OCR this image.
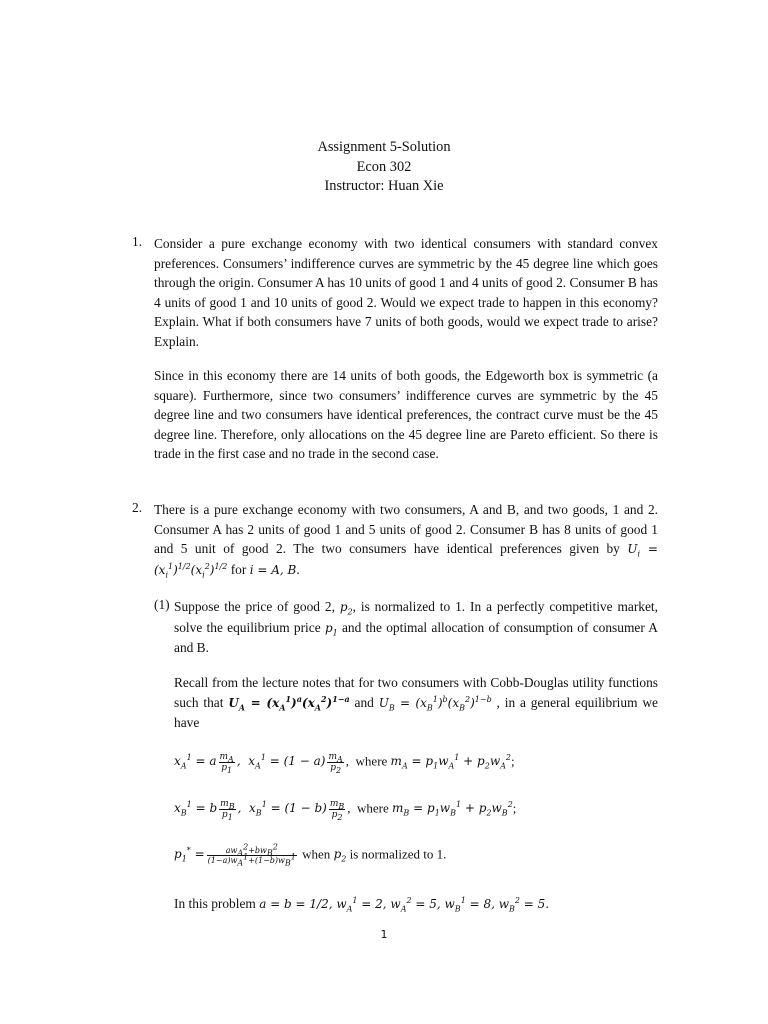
Assignment 5-Solution
Econ 302
Instructor: Huan Xie
1. Consider a pure exchange economy with two identical consumers with standard convex preferences. Consumers’ indifference curves are symmetric by the 45 degree line which goes through the origin. Consumer A has 10 units of good 1 and 4 units of good 2. Consumer B has 4 units of good 1 and 10 units of good 2. Would we expect trade to happen in this economy? Explain. What if both consumers have 7 units of both goods, would we expect trade to arise? Explain.
Since in this economy there are 14 units of both goods, the Edgeworth box is symmetric (a square). Furthermore, since two consumers’ indifference curves are symmetric by the 45 degree line and two consumers have identical preferences, the contract curve must be the 45 degree line. Therefore, only allocations on the 45 degree line are Pareto efficient. So there is trade in the first case and no trade in the second case.
2. There is a pure exchange economy with two consumers, A and B, and two goods, 1 and 2. Consumer A has 2 units of good 1 and 5 units of good 2. Consumer B has 8 units of good 1 and 5 unit of good 2. The two consumers have identical preferences given by $U_i = (x_i^1)^{1/2}(x_i^2)^{1/2}$ for i = A, B.
(1) Suppose the price of good 2, $p_2$, is normalized to 1. In a perfectly competitive market, solve the equilibrium price $p_1$ and the optimal allocation of consumption of consumer A and B.
Recall from the lecture notes that for two consumers with Cobb-Douglas utility functions such that $U_A = (x_A^1)^a(x_A^2)^{1-a}$ and $U_B = (x_B^1)^b(x_B^2)^{1-b}$ , in a general equilibrium we have
$x_A^1 = a \frac{m_A}{p_1}$ ,  $x_A^1 = (1 - a) \frac{m_A}{p_2}$ ,  where $m_A = p_1w_A^1 + p_2w_A^2$;
$x_B^1 = b \frac{m_B}{p_1}$ ,  $x_B^1 = (1 - b) \frac{m_B}{p_2}$ ,  where $m_B = p_1w_B^1 + p_2w_B^2$;
$p_1^* = \frac{aw_A^2+bw_B^2}{(1-a)w_A^1+(1-b)w_B^1}$ when $p_2$ is normalized to 1.
In this problem a = b = 1/2, $w_A^1 = 2$, $w_A^2 = 5$, $w_B^1 = 8$, $w_B^2 = 5$.
1
